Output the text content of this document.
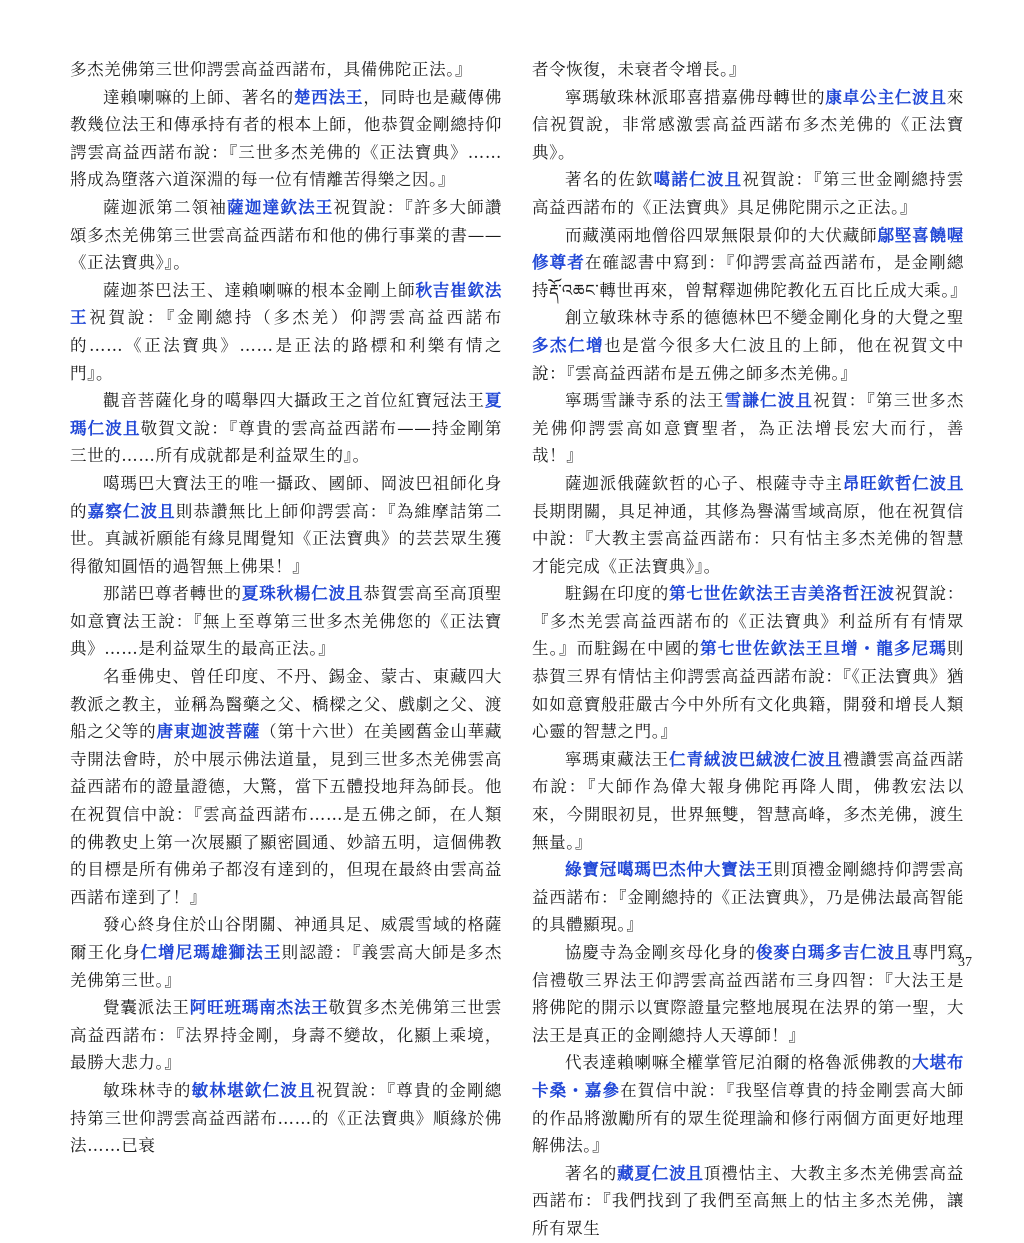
多杰羌佛第三世仰諤雲高益西諾布，具備佛陀正法。』

達賴喇嘛的上師、著名的楚西法王，同時也是藏傳佛教幾位法王和傳承持有者的根本上師，他恭賀金剛總持仰諤雲高益西諾布說：『三世多杰羌佛的《正法寶典》……將成為墮落六道深淵的每一位有情離苦得樂之因。』

薩迦派第二領袖薩迦達欽法王祝賀說：『許多大師讚頌多杰羌佛第三世雲高益西諾布和他的佛行事業的書——《正法寶典》』。

薩迦茶巴法王、達賴喇嘛的根本金剛上師秋吉崔欽法王祝賀說：『金剛總持（多杰羌）仰諤雲高益西諾布的……《正法寶典》……是正法的路標和利樂有情之門』。

觀音菩薩化身的噶舉四大攝政王之首位紅寶冠法王夏瑪仁波且敬賀文說：『尊貴的雲高益西諾布——持金剛第三世的……所有成就都是利益眾生的』。

噶瑪巴大寶法王的唯一攝政、國師、岡波巴祖師化身的嘉察仁波且則恭讚無比上師仰諤雲高：『為維摩詰第二世。真誠祈願能有緣見聞覺知《正法寶典》的芸芸眾生獲得徹知圓悟的過智無上佛果！』

那諾巴尊者轉世的夏珠秋楊仁波且恭賀雲高至高頂聖如意寶法王說：『無上至尊第三世多杰羌佛您的《正法寶典》……是利益眾生的最高正法。』

名垂佛史、曾任印度、不丹、錫金、蒙古、東藏四大教派之教主，並稱為醫藥之父、橋樑之父、戲劇之父、渡船之父等的唐東迦波菩薩（第十六世）在美國舊金山華藏寺開法會時，於中展示佛法道量，見到三世多杰羌佛雲高益西諾布的證量證德，大驚，當下五體投地拜為師長。他在祝賀信中說：『雲高益西諾布……是五佛之師，在人類的佛教史上第一次展顯了顯密圓通、妙諳五明，這個佛教的目標是所有佛弟子都沒有達到的，但現在最終由雲高益西諾布達到了！』

發心終身住於山谷閉關、神通具足、威震雪域的格薩爾王化身仁增尼瑪雄獅法王則認證：『義雲高大師是多杰羌佛第三世。』

覺囊派法王阿旺班瑪南杰法王敬賀多杰羌佛第三世雲高益西諾布：『法界持金剛，身壽不變故，化顯上乘境，最勝大悲力。』

敏珠林寺的敏林堪欽仁波且祝賀說：『尊貴的金剛總持第三世仰諤雲高益西諾布……的《正法寶典》順緣於佛法……已衰

者令恢復，未衰者令增長。』

寧瑪敏珠林派耶喜措嘉佛母轉世的康卓公主仁波且來信祝賀說，非常感激雲高益西諾布多杰羌佛的《正法寶典》。

著名的佐欽噶諾仁波且祝賀說：『第三世金剛總持雲高益西諾布的《正法寶典》具足佛陀開示之正法。』

而藏漢兩地僧俗四眾無限景仰的大伏藏師鄔堅喜饒喔修尊者在確認書中寫到：『仰諤雲高益西諾布，是金剛總持རྡོ་འཆང་轉世再來，曾幫釋迦佛陀教化五百比丘成大乘。』

創立敏珠林寺系的德德林巴不變金剛化身的大覺之聖多杰仁增也是當今很多大仁波且的上師，他在祝賀文中說：『雲高益西諾布是五佛之師多杰羌佛。』

寧瑪雪謙寺系的法王雪謙仁波且祝賀：『第三世多杰羌佛仰諤雲高如意寶聖者，為正法增長宏大而行，善哉！』

薩迦派俄薩欽哲的心子、根薩寺寺主昂旺欽哲仁波且長期閉關，具足神通，其修為譽滿雪域高原，他在祝賀信中說：『大教主雲高益西諾布：只有怙主多杰羌佛的智慧才能完成《正法寶典》』。

駐錫在印度的第七世佐欽法王吉美洛哲汪波祝賀說：『多杰羌雲高益西諾布的《正法寶典》利益所有有情眾生。』而駐錫在中國的第七世佐欽法王旦增・龍多尼瑪則恭賀三界有情怙主仰諤雲高益西諾布說：『《正法寶典》猶如如意寶般莊嚴古今中外所有文化典籍，開發和增長人類心靈的智慧之門。』

寧瑪東藏法王仁青絨波巴絨波仁波且禮讚雲高益西諾布說：『大師作為偉大報身佛陀再降人間，佛教宏法以來，今開眼初見，世界無雙，智慧高峰，多杰羌佛，渡生無量。』

綠寶冠噶瑪巴杰仲大寶法王則頂禮金剛總持仰諤雲高益西諾布：『金剛總持的《正法寶典》，乃是佛法最高智能的具體顯現。』

協慶寺為金剛亥母化身的俊麥白瑪多吉仁波且專門寫信禮敬三界法王仰諤雲高益西諾布三身四智：『大法王是將佛陀的開示以實際證量完整地展現在法界的第一聖，大法王是真正的金剛總持人天導師！』

代表達賴喇嘛全權掌管尼泊爾的格魯派佛教的大堪布卡桑・嘉參在賀信中說：『我堅信尊貴的持金剛雲高大師的作品將激勵所有的眾生從理論和修行兩個方面更好地理解佛法。』

著名的藏夏仁波且頂禮怙主、大教主多杰羌佛雲高益西諾布：『我們找到了我們至高無上的怙主多杰羌佛，讓所有眾生

37
